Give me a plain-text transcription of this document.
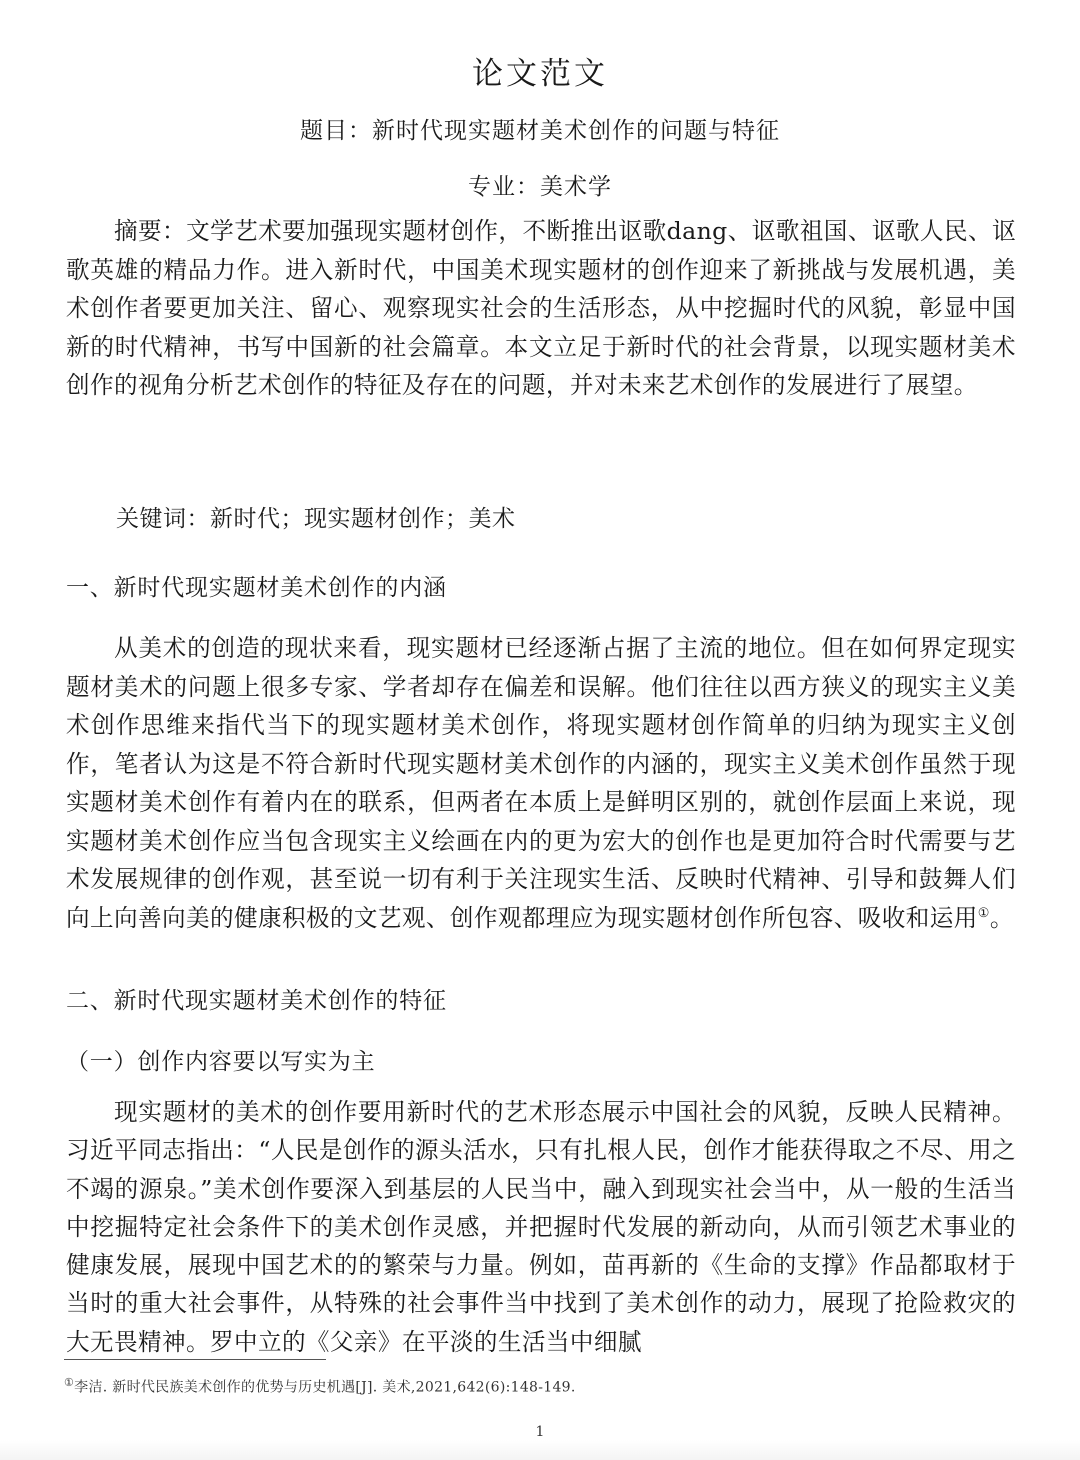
论文范文
题目：新时代现实题材美术创作的问题与特征

专业：美术学

摘要：文学艺术要加强现实题材创作，不断推出讴歌dang、讴歌祖国、讴歌人民、讴歌英雄的精品力作。进入新时代，中国美术现实题材的创作迎来了新挑战与发展机遇，美术创作者要更加关注、留心、观察现实社会的生活形态，从中挖掘时代的风貌，彰显中国新的时代精神，书写中国新的社会篇章。本文立足于新时代的社会背景，以现实题材美术创作的视角分析艺术创作的特征及存在的问题，并对未来艺术创作的发展进行了展望。

关键词：新时代；现实题材创作；美术

一、新时代现实题材美术创作的内涵

从美术的创造的现状来看，现实题材已经逐渐占据了主流的地位。但在如何界定现实题材美术的问题上很多专家、学者却存在偏差和误解。他们往往以西方狭义的现实主义美术创作思维来指代当下的现实题材美术创作，将现实题材创作简单的归纳为现实主义创作，笔者认为这是不符合新时代现实题材美术创作的内涵的，现实主义美术创作虽然于现实题材美术创作有着内在的联系，但两者在本质上是鲜明区别的，就创作层面上来说，现实题材美术创作应当包含现实主义绘画在内的更为宏大的创作也是更加符合时代需要与艺术发展规律的创作观，甚至说一切有利于关注现实生活、反映时代精神、引导和鼓舞人们向上向善向美的健康积极的文艺观、创作观都理应为现实题材创作所包容、吸收和运用①。

二、新时代现实题材美术创作的特征
（一）创作内容要以写实为主

现实题材的美术的创作要用新时代的艺术形态展示中国社会的风貌，反映人民精神。习近平同志指出：“人民是创作的源头活水，只有扎根人民，创作才能获得取之不尽、用之不竭的源泉。”美术创作要深入到基层的人民当中，融入到现实社会当中，从一般的生活当中挖掘特定社会条件下的美术创作灵感，并把握时代发展的新动向，从而引领艺术事业的健康发展，展现中国艺术的的繁荣与力量。例如，苗再新的《生命的支撑》作品都取材于当时的重大社会事件，从特殊的社会事件当中找到了美术创作的动力，展现了抢险救灾的大无畏精神。罗中立的《父亲》在平淡的生活当中细腻

①李洁. 新时代民族美术创作的优势与历史机遇[J]. 美术,2021,642(6):148-149.

1
